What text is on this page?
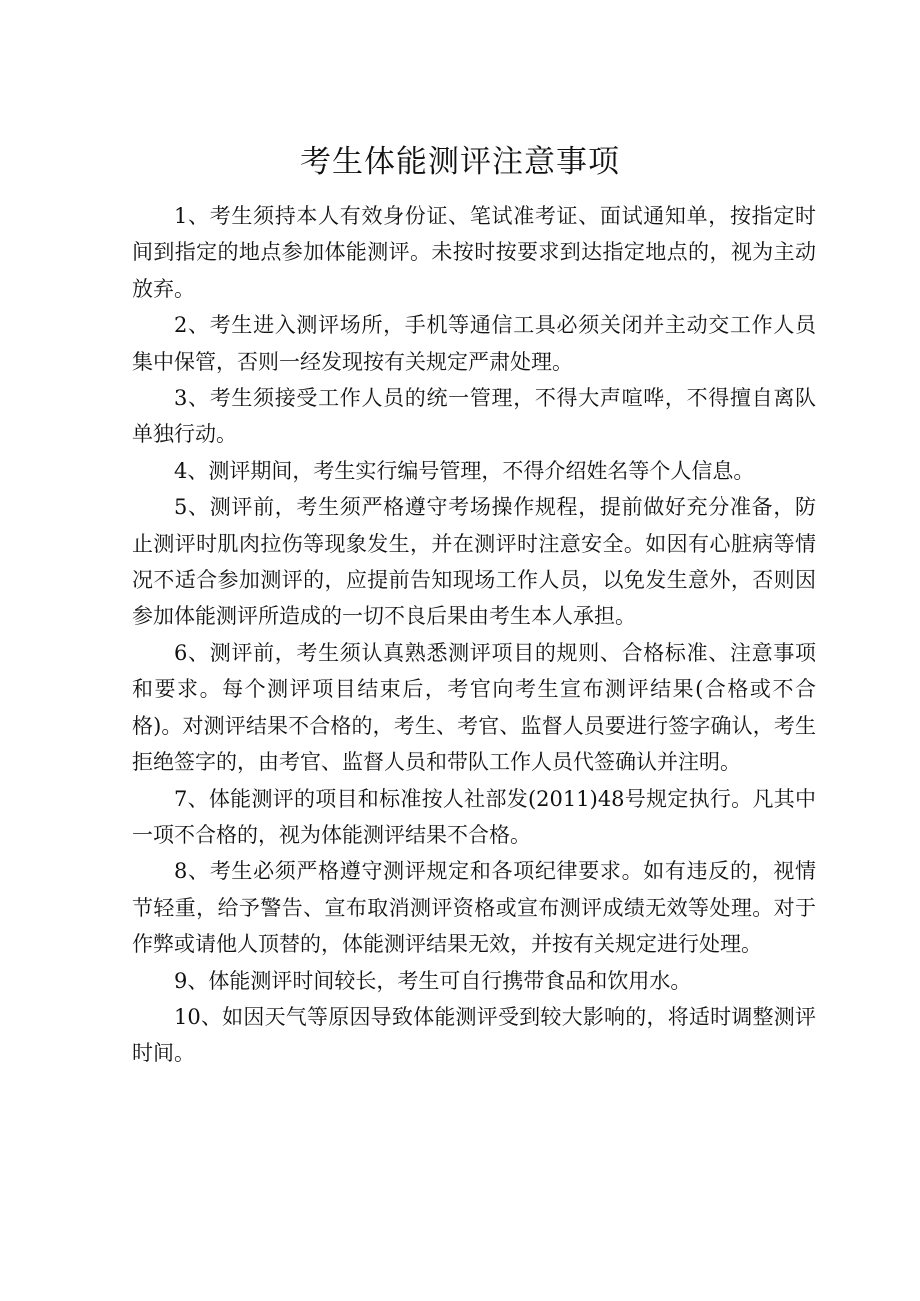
考生体能测评注意事项

1、考生须持本人有效身份证、笔试准考证、面试通知单，按指定时间到指定的地点参加体能测评。未按时按要求到达指定地点的，视为主动放弃。

2、考生进入测评场所，手机等通信工具必须关闭并主动交工作人员集中保管，否则一经发现按有关规定严肃处理。

3、考生须接受工作人员的统一管理，不得大声喧哗，不得擅自离队单独行动。

4、测评期间，考生实行编号管理，不得介绍姓名等个人信息。

5、测评前，考生须严格遵守考场操作规程，提前做好充分准备，防止测评时肌肉拉伤等现象发生，并在测评时注意安全。如因有心脏病等情况不适合参加测评的，应提前告知现场工作人员，以免发生意外，否则因参加体能测评所造成的一切不良后果由考生本人承担。

6、测评前，考生须认真熟悉测评项目的规则、合格标准、注意事项和要求。每个测评项目结束后，考官向考生宣布测评结果(合格或不合格)。对测评结果不合格的，考生、考官、监督人员要进行签字确认，考生拒绝签字的，由考官、监督人员和带队工作人员代签确认并注明。

7、体能测评的项目和标准按人社部发(2011)48号规定执行。凡其中一项不合格的，视为体能测评结果不合格。

8、考生必须严格遵守测评规定和各项纪律要求。如有违反的，视情节轻重，给予警告、宣布取消测评资格或宣布测评成绩无效等处理。对于作弊或请他人顶替的，体能测评结果无效，并按有关规定进行处理。

9、体能测评时间较长，考生可自行携带食品和饮用水。

10、如因天气等原因导致体能测评受到较大影响的，将适时调整测评时间。
